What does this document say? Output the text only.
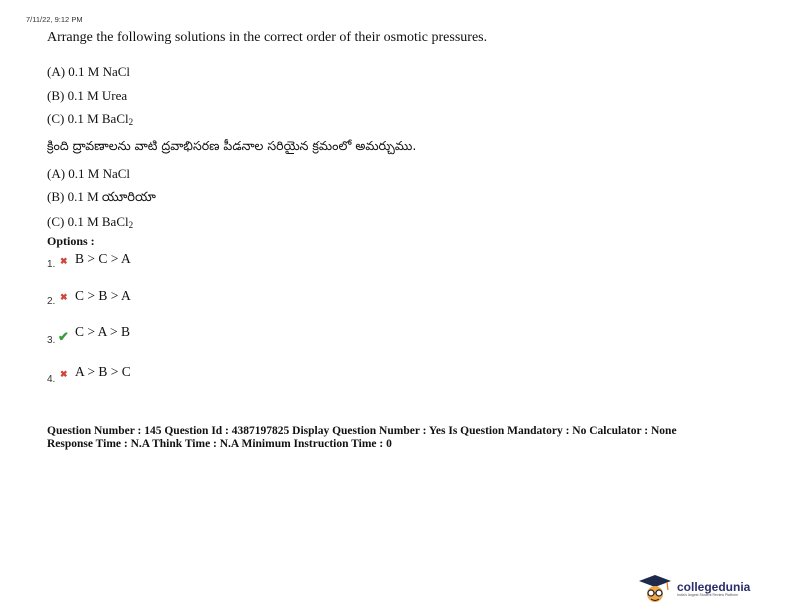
7/11/22, 9:12 PM
Arrange the following solutions in the correct order of their osmotic pressures.
(A) 0.1 M NaCl
(B) 0.1 M Urea
(C) 0.1 M BaCl$_2$
క్రింది ద్రావణాలను వాటి ద్రవాభిసరణ పీడనాల సరియైన క్రమంలో అమర్చుము.
(A) 0.1 M NaCl
(B) 0.1 M యూరియా
(C) 0.1 M BaCl$_2$
Options :
1. ✖ B > C > A
2. ✖ C > B > A
3. ✔ C > A > B
4. ✖ A > B > C
Question Number : 145 Question Id : 4387197825 Display Question Number : Yes Is Question Mandatory : No Calculator : None
Response Time : N.A Think Time : N.A Minimum Instruction Time : 0
collegedunia
India's largest Student Review Platform
